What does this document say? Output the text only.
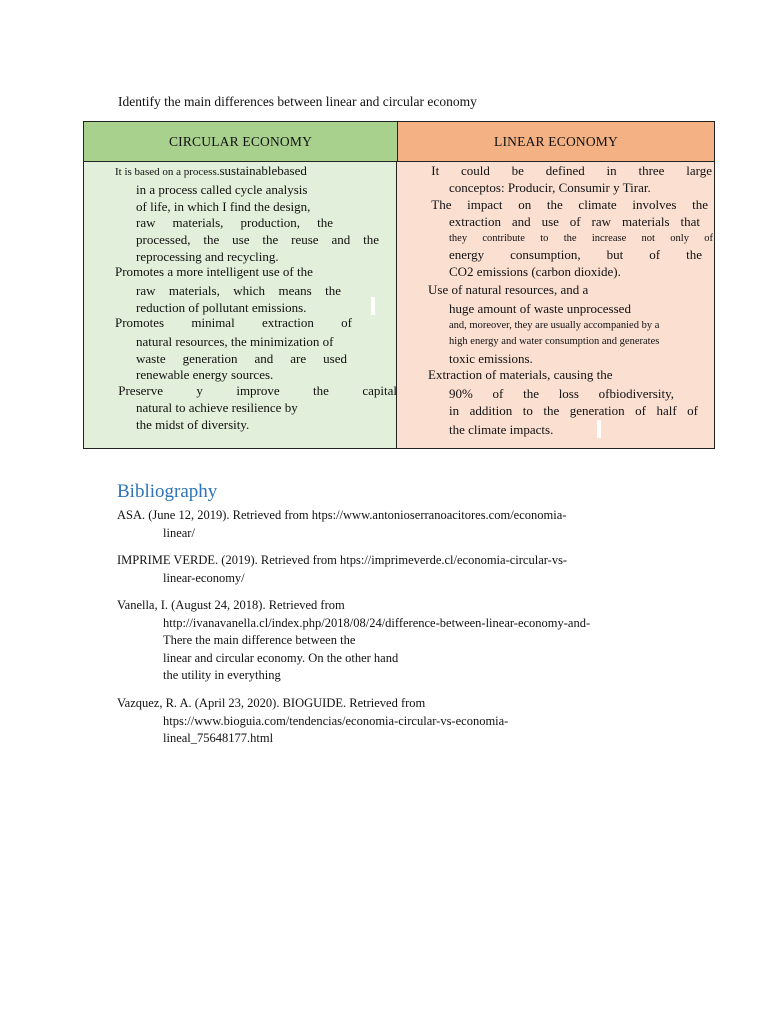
Identify the main differences between linear and circular economy
CIRCULAR ECONOMY	LINEAR ECONOMY
It is based on a process.sustainablebased
in a process called cycle analysis
of life, in which I find the design,
raw materials, production, the
processed, the use the reuse and the
reprocessing and recycling.
Promotes a more intelligent use of the
raw materials, which means the
reduction of pollutant emissions.
Promotes minimal extraction of
natural resources, the minimization of
waste generation and are used
renewable energy sources.

Preserve y improve the capital
natural to achieve resilience by
the midst of diversity.

It could be defined in three large
conceptos: Producir, Consumir y Tirar.

The impact on the climate involves the
extraction and use of raw materials that
they contribute to the increase not only of
energy consumption, but of the
CO2 emissions (carbon dioxide).
Use of natural resources, and a
huge amount of waste unprocessed
and, moreover, they are usually accompanied by a
high energy and water consumption and generates
toxic emissions.
Extraction of materials, causing the
90% of the loss ofbiodiversity,
in addition to the generation of half of
the climate impacts.
Bibliography
ASA. (June 12, 2019). Retrieved from htps://www.antonioserranoacitores.com/economia-
linear/
IMPRIME VERDE. (2019). Retrieved from htps://imprimeverde.cl/economia-circular-vs-
linear-economy/
Vanella, I. (August 24, 2018). Retrieved from
http://ivanavanella.cl/index.php/2018/08/24/difference-between-linear-economy-and-
There the main difference between the
linear and circular economy. On the other hand
the utility in everything
Vazquez, R. A. (April 23, 2020). BIOGUIDE. Retrieved from
htps://www.bioguia.com/tendencias/economia-circular-vs-economia-
lineal_75648177.html
